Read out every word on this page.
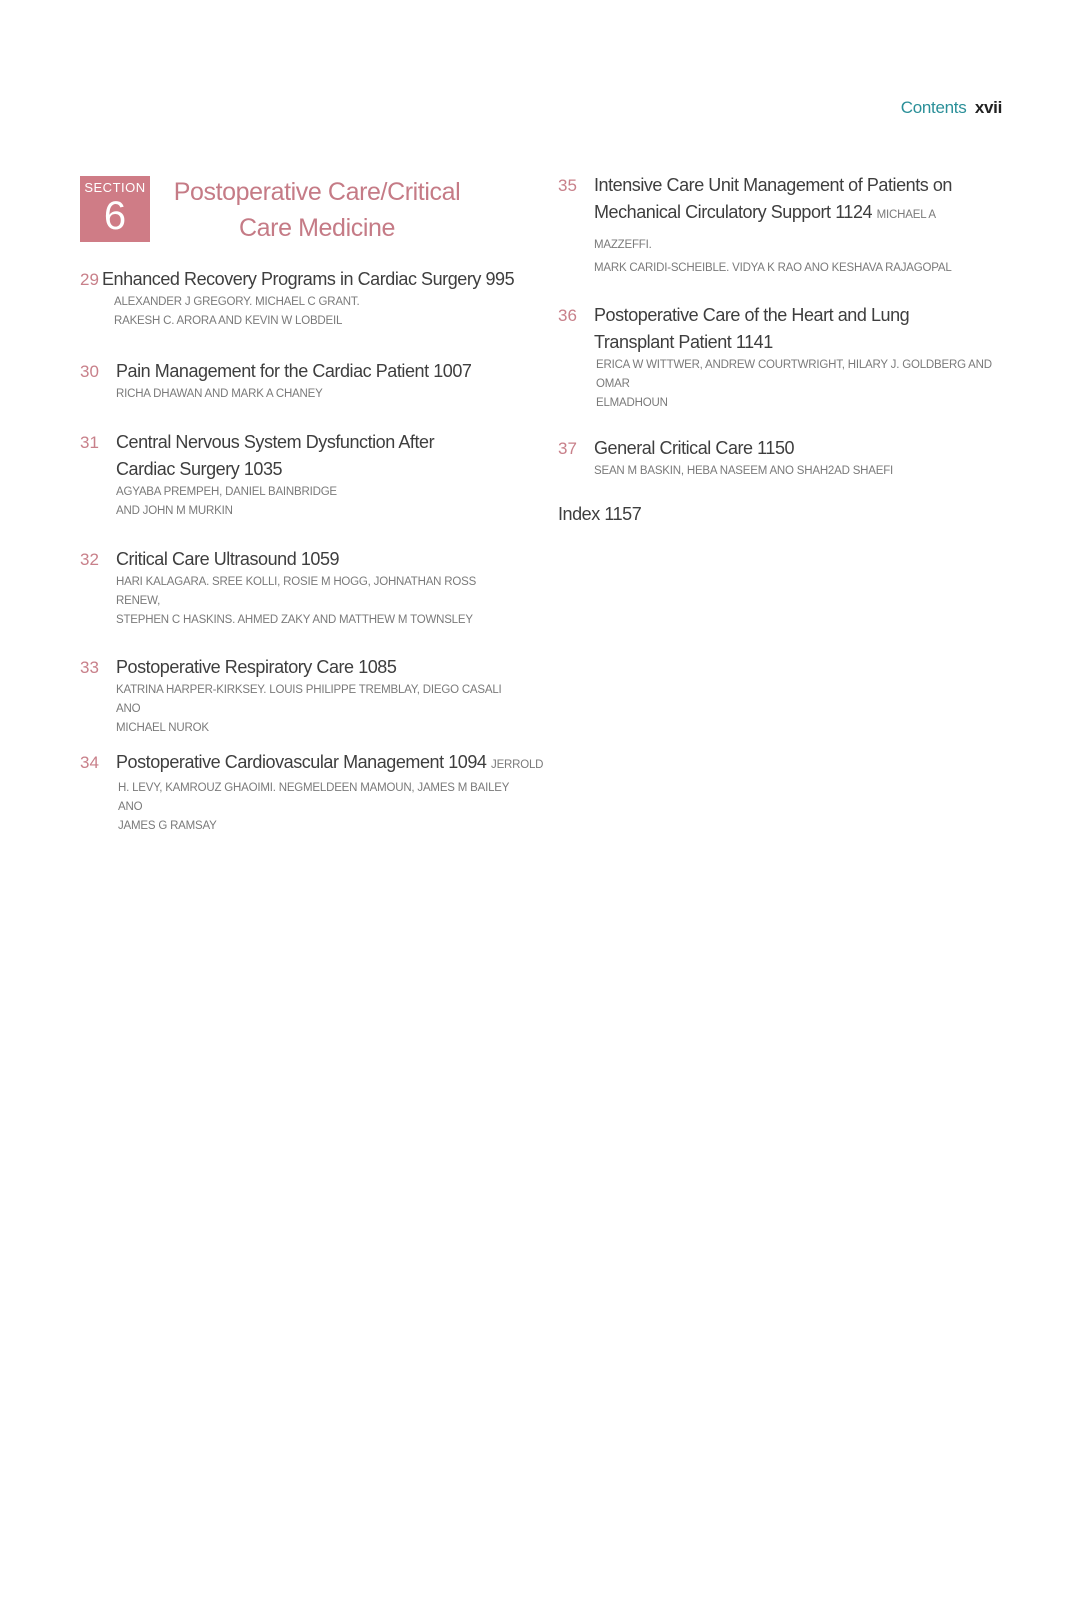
Contents xvii
SECTION
6
Postoperative Care/Critical Care Medicine
29 Enhanced Recovery Programs in Cardiac Surgery 995
ALEXANDER J GREGORY. MICHAEL C GRANT.
RAKESH C. ARORA AND KEVIN W LOBDEIL
30 Pain Management for the Cardiac Patient 1007
RICHA DHAWAN AND MARK A CHANEY
31 Central Nervous System Dysfunction After Cardiac Surgery 1035
AGYABA PREMPEH, DANIEL BAINBRIDGE
AND JOHN M MURKIN
32 Critical Care Ultrasound 1059
HARI KALAGARA. SREE KOLLI, ROSIE M HOGG, JOHNATHAN ROSS RENEW,
STEPHEN C HASKINS. AHMED ZAKY AND MATTHEW M TOWNSLEY
33 Postoperative Respiratory Care 1085
KATRINA HARPER-KIRKSEY. LOUIS PHILIPPE TREMBLAY, DIEGO CASALI ANO
MICHAEL NUROK
34 Postoperative Cardiovascular Management 1094 JERROLD
H. LEVY, KAMROUZ GHAOIMI. NEGMELDEEN MAMOUN, JAMES M BAILEY ANO
JAMES G RAMSAY
35 Intensive Care Unit Management of Patients on Mechanical Circulatory Support 1124 MICHAEL A MAZZEFFI.
MARK CARIDI-SCHEIBLE. VIDYA K RAO ANO KESHAVA RAJAGOPAL
36 Postoperative Care of the Heart and Lung Transplant Patient 1141
ERICA W WITTWER, ANDREW COURTWRIGHT, HILARY J. GOLDBERG AND OMAR
ELMADHOUN
37 General Critical Care 1150
SEAN M BASKIN, HEBA NASEEM ANO SHAH2AD SHAEFI
Index 1157
